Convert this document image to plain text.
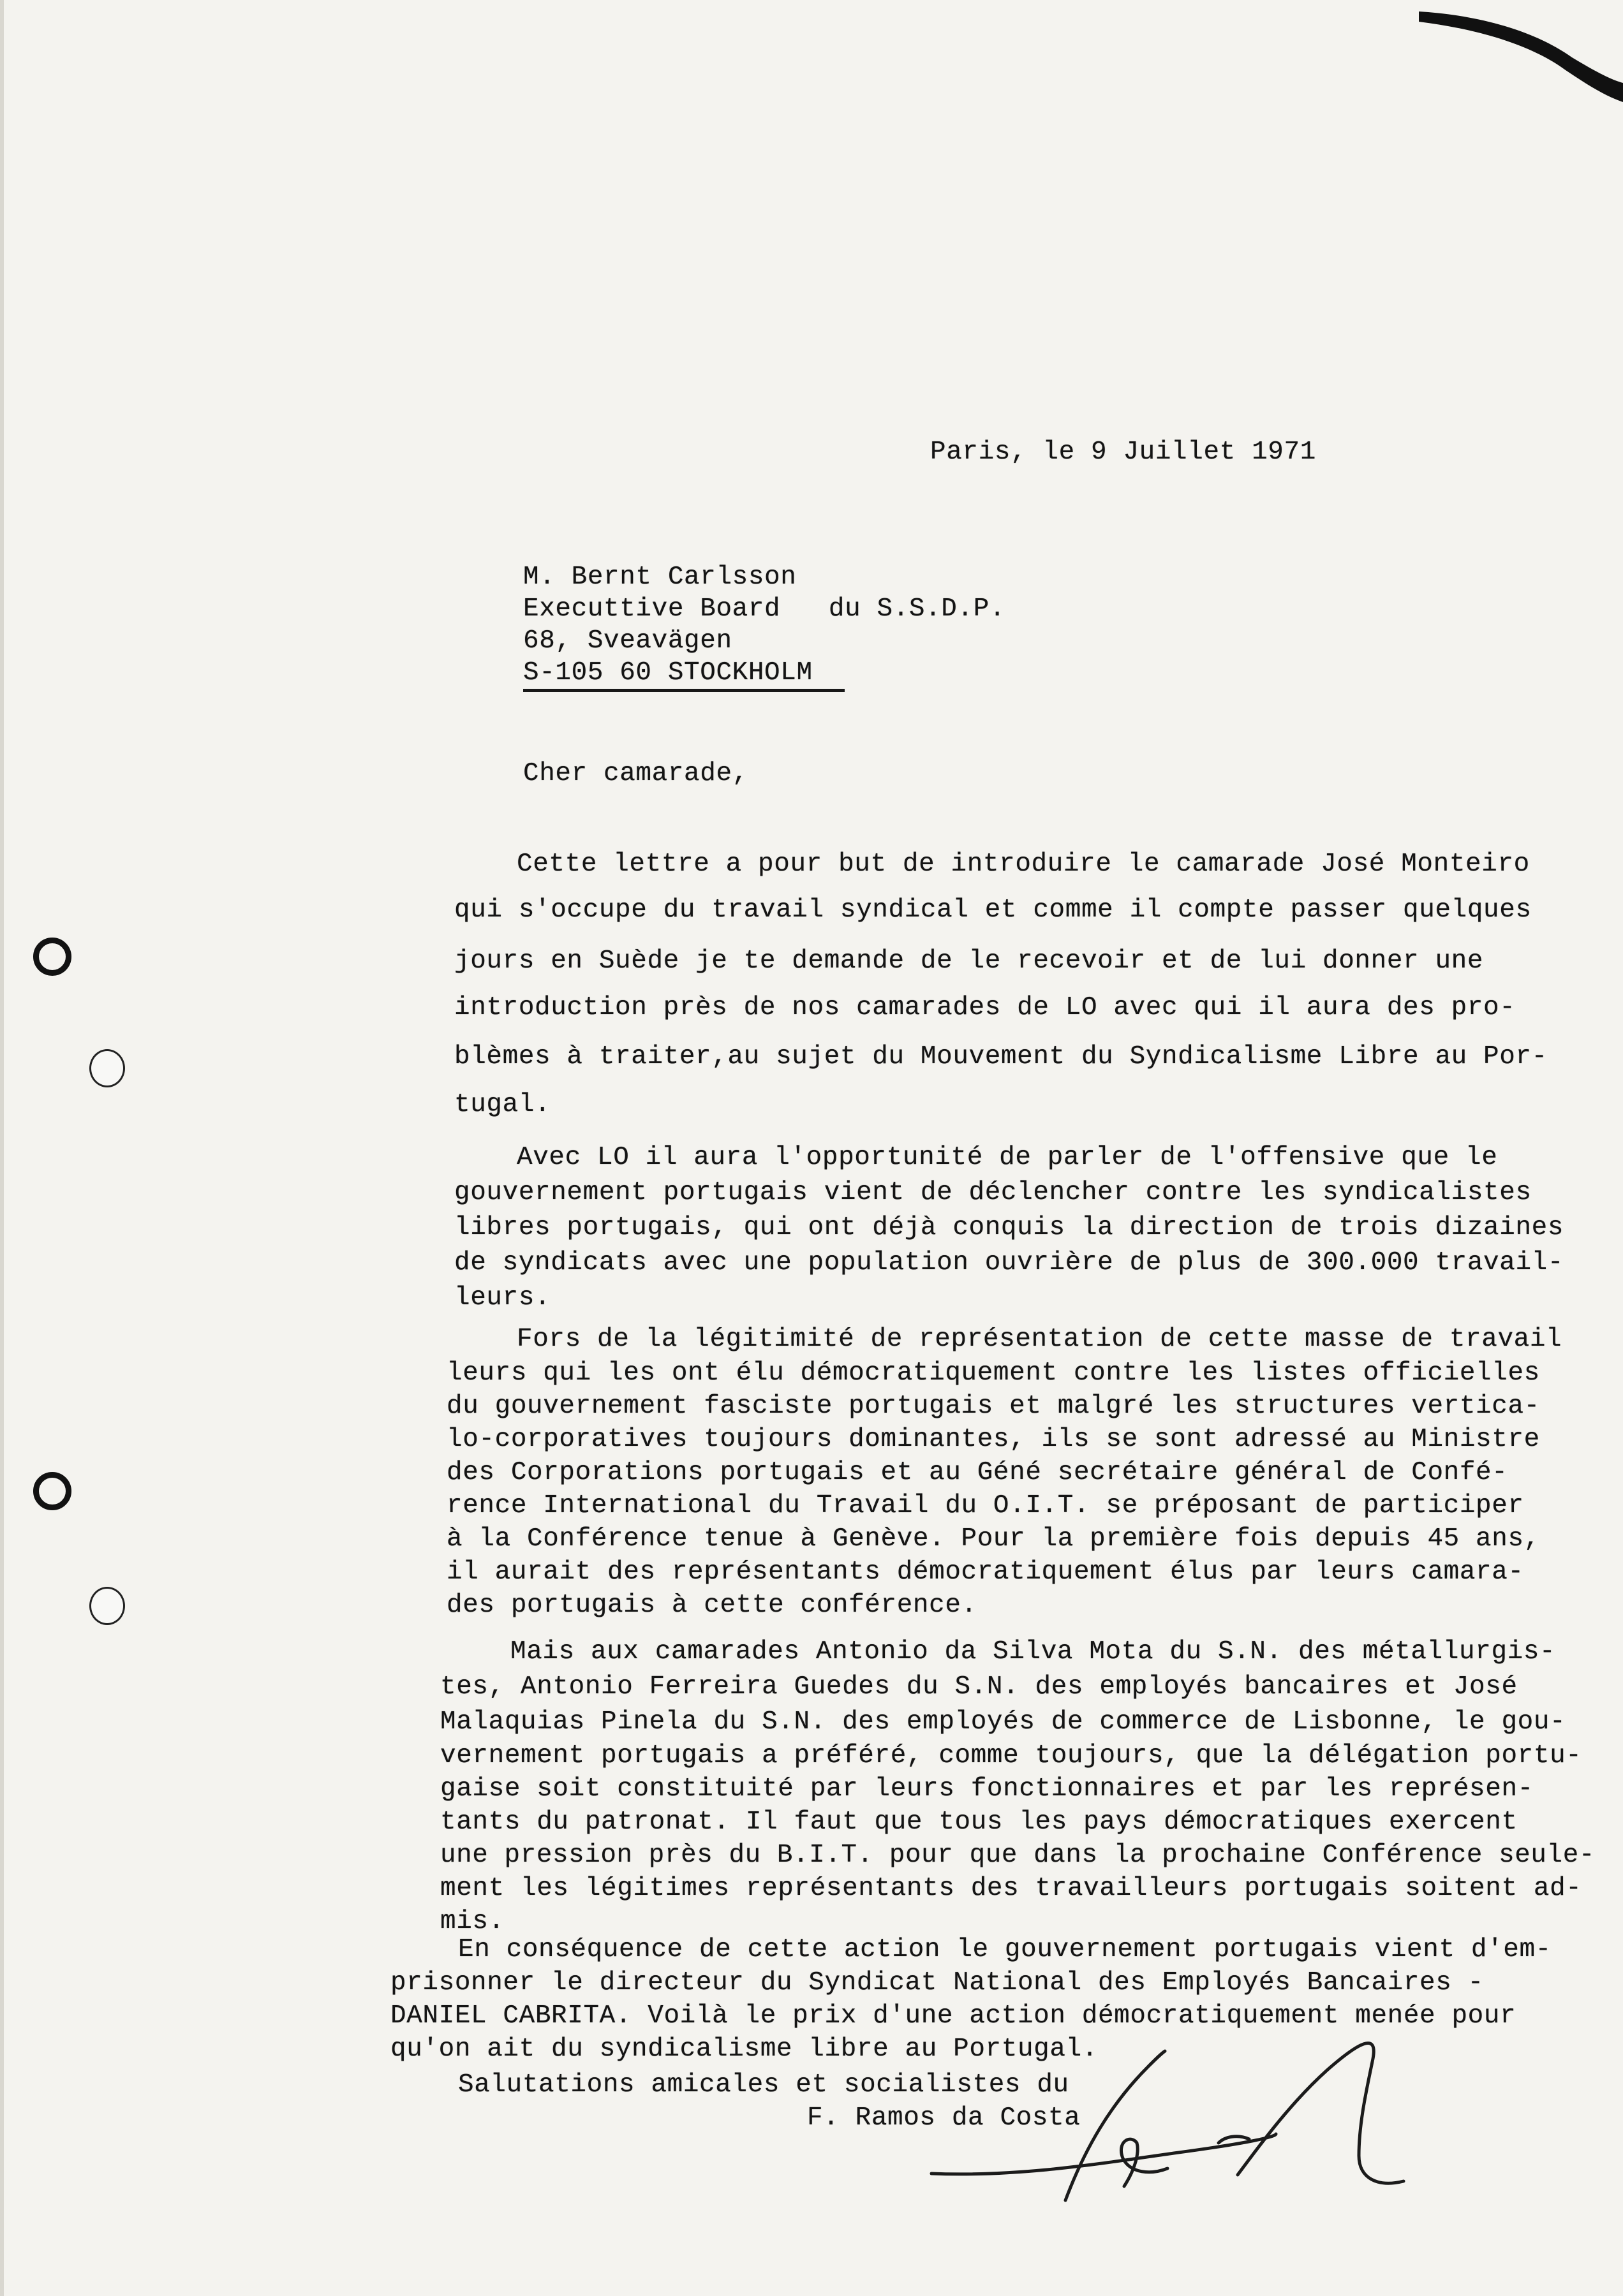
Paris, le 9 Juillet 1971
M. Bernt Carlsson
Executtive Board   du S.S.D.P.
68, Sveavägen
S-105 60 STOCKHOLM
Cher camarade,
Cette lettre a pour but de introduire le camarade José Monteiro
qui s'occupe du travail syndical et comme il compte passer quelques
jours en Suède je te demande de le recevoir et de lui donner une
introduction près de nos camarades de LO avec qui il aura des pro-
blèmes à traiter,au sujet du Mouvement du Syndicalisme Libre au Por-
tugal.
Avec LO il aura l'opportunité de parler de l'offensive que le
gouvernement portugais vient de déclencher contre les syndicalistes
libres portugais, qui ont déjà conquis la direction de trois dizaines
de syndicats avec une population ouvrière de plus de 300.000 travail-
leurs.
Fors de la légitimité de représentation de cette masse de travail
leurs qui les ont élu démocratiquement contre les listes officielles
du gouvernement fasciste portugais et malgré les structures vertica-
lo-corporatives toujours dominantes, ils se sont adressé au Ministre
des Corporations portugais et au Géné secrétaire général de Confé-
rence International du Travail du O.I.T. se préposant de participer
à la Conférence tenue à Genève. Pour la première fois depuis 45 ans,
il aurait des représentants démocratiquement élus par leurs camara-
des portugais à cette conférence.
Mais aux camarades Antonio da Silva Mota du S.N. des métallurgis-
tes, Antonio Ferreira Guedes du S.N. des employés bancaires et José
Malaquias Pinela du S.N. des employés de commerce de Lisbonne, le gou-
vernement portugais a préféré, comme toujours, que la délégation portu-
gaise soit constituité par leurs fonctionnaires et par les représen-
tants du patronat. Il faut que tous les pays démocratiques exercent
une pression près du B.I.T. pour que dans la prochaine Conférence seule-
ment les légitimes représentants des travailleurs portugais soitent ad-
mis.
En conséquence de cette action le gouvernement portugais vient d'em-
prisonner le directeur du Syndicat National des Employés Bancaires -
DANIEL CABRITA. Voilà le prix d'une action démocratiquement menée pour
qu'on ait du syndicalisme libre au Portugal.
Salutations amicales et socialistes du
F. Ramos da Costa
